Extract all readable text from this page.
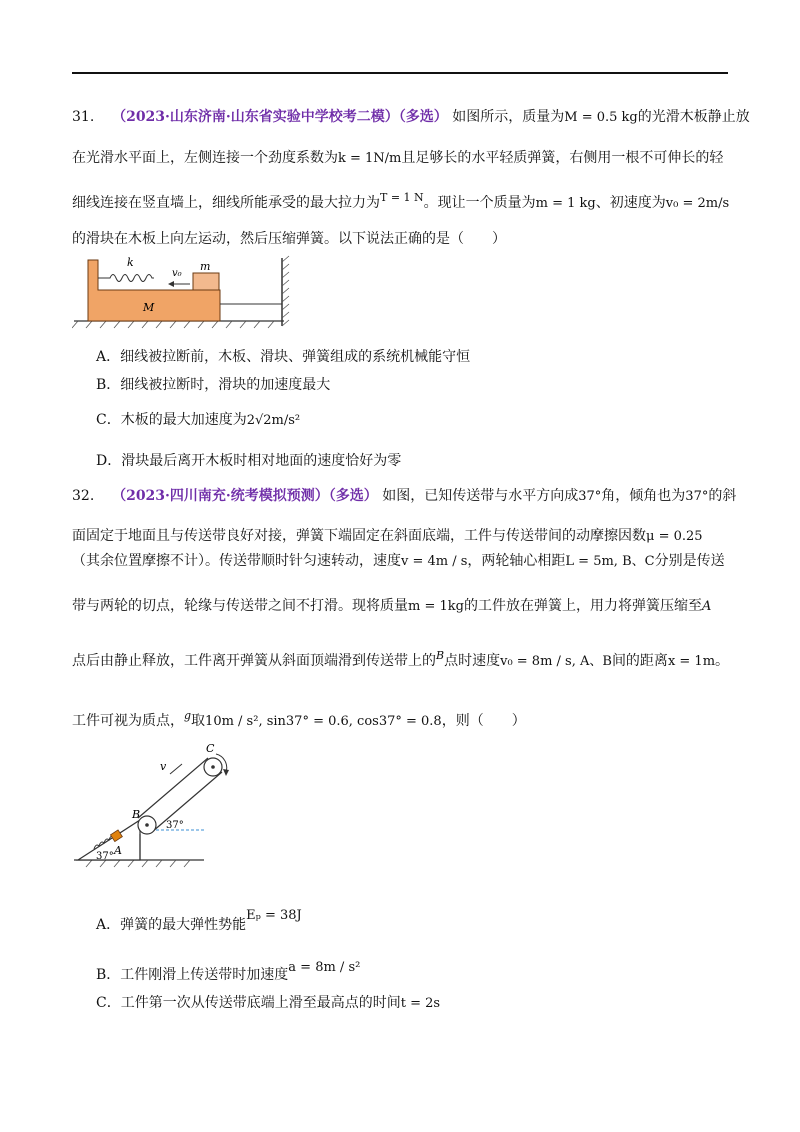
31. （2023·山东济南·山东省实验中学校考二模）（多选） 如图所示，质量为M = 0.5 kg的光滑木板静止放
在光滑水平面上，左侧连接一个劲度系数为k = 1N/m且足够长的水平轻质弹簧，右侧用一根不可伸长的轻
细线连接在竖直墙上，细线所能承受的最大拉力为$^{T = 1 N}$。现让一个质量为m = 1 kg、初速度为v₀ = 2m/s
的滑块在木板上向左运动，然后压缩弹簧。以下说法正确的是（　　）
M
k
v₀
m
A．细线被拉断前，木板、滑块、弹簧组成的系统机械能守恒
B．细线被拉断时，滑块的加速度最大
C．木板的最大加速度为2√2m/s²
D．滑块最后离开木板时相对地面的速度恰好为零
32. （2023·四川南充·统考模拟预测）（多选） 如图，已知传送带与水平方向成37°角，倾角也为37°的斜
面固定于地面且与传送带良好对接，弹簧下端固定在斜面底端，工件与传送带间的动摩擦因数μ = 0.25
（其余位置摩擦不计）。传送带顺时针匀速转动，速度v = 4m / s，两轮轴心相距L = 5m, B、C分别是传送
带与两轮的切点，轮缘与传送带之间不打滑。现将质量m = 1kg的工件放在弹簧上，用力将弹簧压缩至A
点后由静止释放，工件离开弹簧从斜面顶端滑到传送带上的$^B$点时速度v₀ = 8m / s, A、B间的距离x = 1m。
工件可视为质点，$^g$取10m / s², sin37° = 0.6, cos37° = 0.8，则（　　）
A
37°
C
v
B
37°
A．弹簧的最大弹性势能Eₚ = 38J
B．工件刚滑上传送带时加速度a = 8m / s²
C．工件第一次从传送带底端上滑至最高点的时间t = 2s
